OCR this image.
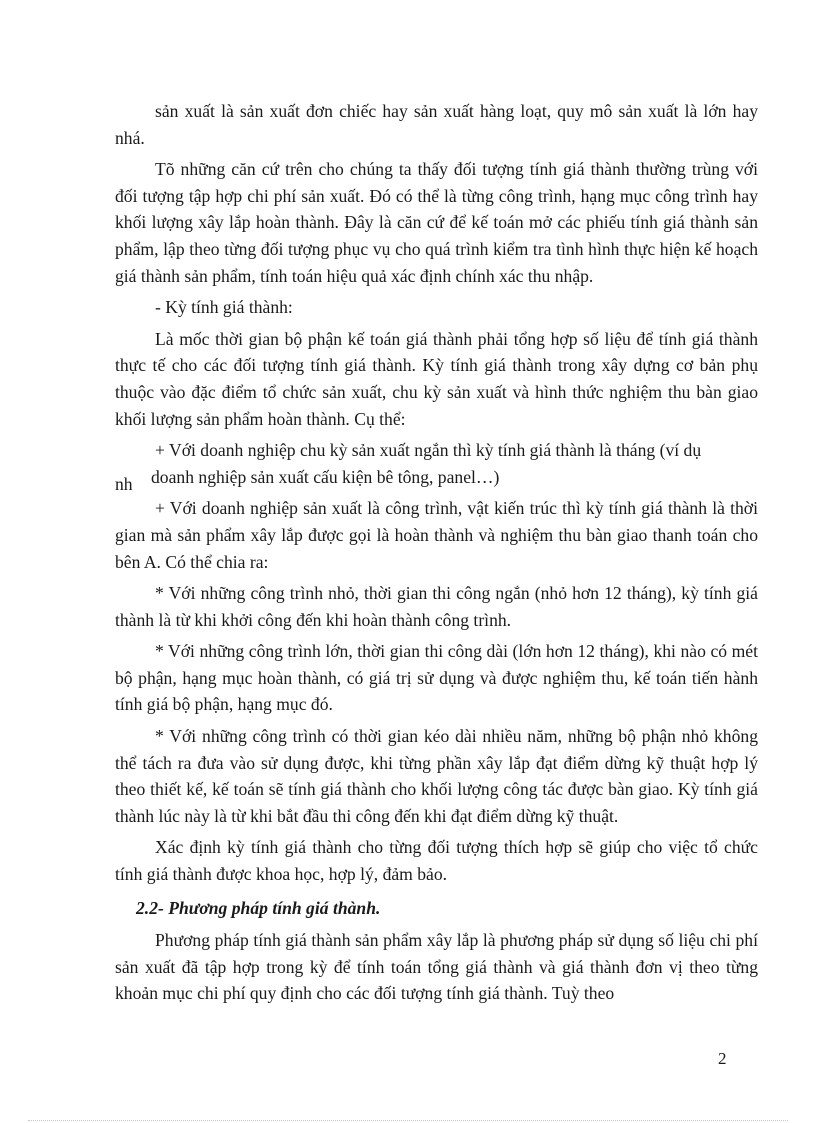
sản xuất là sản xuất đơn chiếc hay sản xuất hàng loạt, quy mô sản xuất là lớn hay nhá.

Tõ những căn cứ trên cho chúng ta thấy đối tượng tính giá thành thường trùng với đối tượng tập hợp chi phí sản xuất. Đó có thể là từng công trình, hạng mục công trình hay khối lượng xây lắp hoàn thành. Đây là căn cứ để kế toán mở các phiếu tính giá thành sản phẩm, lập theo từng đối tượng phục vụ cho quá trình kiểm tra tình hình thực hiện kế hoạch giá thành sản phẩm, tính toán hiệu quả xác định chính xác thu nhập.

- Kỳ tính giá thành:

Là mốc thời gian bộ phận kế toán giá thành phải tổng hợp số liệu để tính giá thành thực tế cho các đối tượng tính giá thành. Kỳ tính giá thành trong xây dựng cơ bản phụ thuộc vào đặc điểm tổ chức sản xuất, chu kỳ sản xuất và hình thức nghiệm thu bàn giao khối lượng sản phẩm hoàn thành. Cụ thể:

+ Với doanh nghiệp chu kỳ sản xuất ngắn thì kỳ tính giá thành là tháng (ví dụ

nh doanh nghiệp sản xuất cấu kiện bê tông, panel…)

+ Với doanh nghiệp sản xuất là công trình, vật kiến trúc thì kỳ tính giá thành là thời gian mà sản phẩm xây lắp được gọi là hoàn thành và nghiệm thu bàn giao thanh toán cho bên A. Có thể chia ra:

* Với những công trình nhỏ, thời gian thi công ngắn (nhỏ hơn 12 tháng), kỳ tính giá thành là từ khi khởi công đến khi hoàn thành công trình.

* Với những công trình lớn, thời gian thi công dài (lớn hơn 12 tháng), khi nào có mét bộ phận, hạng mục hoàn thành, có giá trị sử dụng và được nghiệm thu, kế toán tiến hành tính giá bộ phận, hạng mục đó.

* Với những công trình có thời gian kéo dài nhiều năm, những bộ phận nhỏ không thể tách ra đưa vào sử dụng được, khi từng phần xây lắp đạt điểm dừng kỹ thuật hợp lý theo thiết kế, kế toán sẽ tính giá thành cho khối lượng công tác được bàn giao. Kỳ tính giá thành lúc này là từ khi bắt đầu thi công đến khi đạt điểm dừng kỹ thuật.

Xác định kỳ tính giá thành cho từng đối tượng thích hợp sẽ giúp cho việc tổ chức tính giá thành được khoa học, hợp lý, đảm bảo.

2.2- Phương pháp tính giá thành.

Phương pháp tính giá thành sản phẩm xây lắp là phương pháp sử dụng số liệu chi phí sản xuất đã tập hợp trong kỳ để tính toán tổng giá thành và giá thành đơn vị theo từng khoản mục chi phí quy định cho các đối tượng tính giá thành. Tuỳ theo

2
